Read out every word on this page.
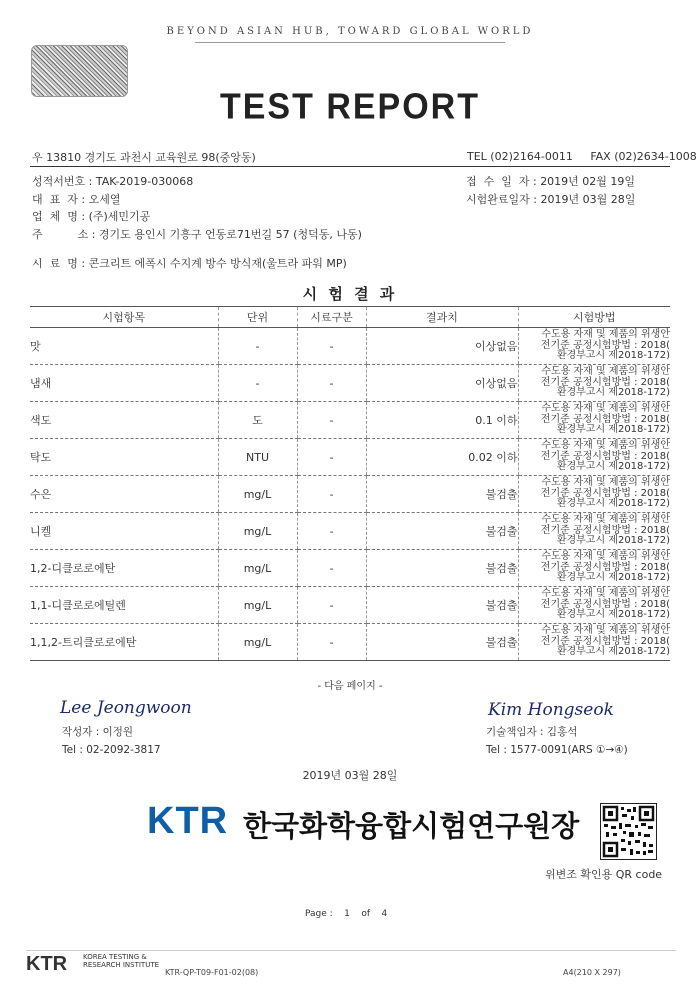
BEYOND ASIAN HUB, TOWARD GLOBAL WORLD
TEST REPORT
우 13810 경기도 과천시 교육원로 98(중앙동)	TEL (02)2164-0011 FAX (02)2634-1008
성적서번호 : TAK-2019-030068
대  표  자 : 오세열
업  체  명 : (주)세민기공
주          소 : 경기도 용인시 기흥구 언동로71번길 57 (청덕동, 나동)
시  료  명 : 콘크리트 에폭시 수지계 방수 방식재(울트라 파워 MP)
접  수  일  자 : 2019년 02월 19일
시험완료일자 : 2019년 03월 28일
시 험 결 과
시험항목	단위	시료구분	결과치	시험방법
맛	-	-	이상없음	수도용 자재 및 제품의 위생안
전기준 공정시험방법 : 2018(
환경부고시 제2018-172)

냄새	-	-	이상없음	수도용 자재 및 제품의 위생안
전기준 공정시험방법 : 2018(
환경부고시 제2018-172)

색도	도	-	0.1 이하	수도용 자재 및 제품의 위생안
전기준 공정시험방법 : 2018(
환경부고시 제2018-172)

탁도	NTU	-	0.02 이하	수도용 자재 및 제품의 위생안
전기준 공정시험방법 : 2018(
환경부고시 제2018-172)

수은	mg/L	-	불검출	수도용 자재 및 제품의 위생안
전기준 공정시험방법 : 2018(
환경부고시 제2018-172)

니켈	mg/L	-	불검출	수도용 자재 및 제품의 위생안
전기준 공정시험방법 : 2018(
환경부고시 제2018-172)

1,2-디클로로에탄	mg/L	-	불검출	수도용 자재 및 제품의 위생안
전기준 공정시험방법 : 2018(
환경부고시 제2018-172)

1,1-디클로로에틸렌	mg/L	-	불검출	수도용 자재 및 제품의 위생안
전기준 공정시험방법 : 2018(
환경부고시 제2018-172)

1,1,2-트리클로로에탄	mg/L	-	불검출	수도용 자재 및 제품의 위생안
전기준 공정시험방법 : 2018(
환경부고시 제2018-172)
- 다음 페이지 -
Lee Jeongwoon
작성자 : 이정원
Tel : 02-2092-3817
Kim Hongseok
기술책임자 : 김홍석
Tel : 1577-0091(ARS ①→④)
2019년 03월 28일
KTR 한국화학융합시험연구원장
위변조 확인용 QR code
Page : 1 of 4
KTR KOREA TESTING &
RESEARCH INSTITUTE
KTR-QP-T09-F01-02(08)	A4(210 X 297)
